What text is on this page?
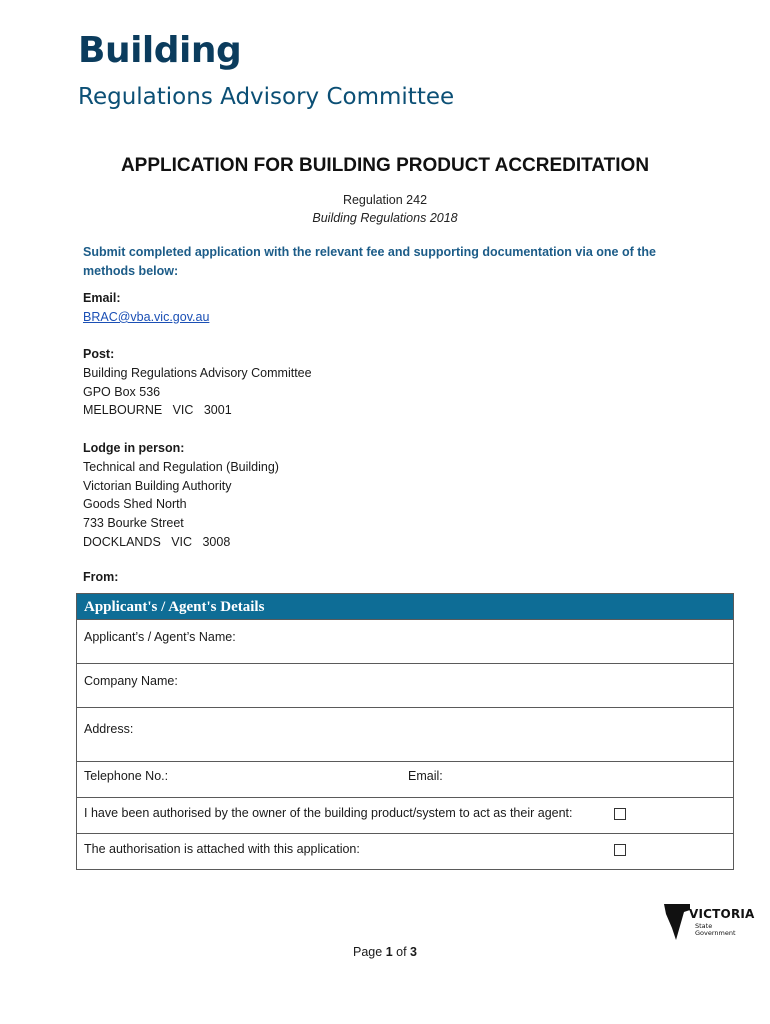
Building
Regulations Advisory Committee
APPLICATION FOR BUILDING PRODUCT ACCREDITATION
Regulation 242
Building Regulations 2018
Submit completed application with the relevant fee and supporting documentation via one of the methods below:
Email:
BRAC@vba.vic.gov.au
Post:
Building Regulations Advisory Committee
GPO Box 536
MELBOURNE   VIC   3001
Lodge in person:
Technical and Regulation (Building)
Victorian Building Authority
Goods Shed North
733 Bourke Street
DOCKLANDS   VIC   3008
From:
Applicant's / Agent's Details
Applicant’s / Agent’s Name:
Company Name:
Address:
Telephone No.:	Email:
I have been authorised by the owner of the building product/system to act as their agent:
The authorisation is attached with this application:
VICTORIA
State
Government
Page 1 of 3
